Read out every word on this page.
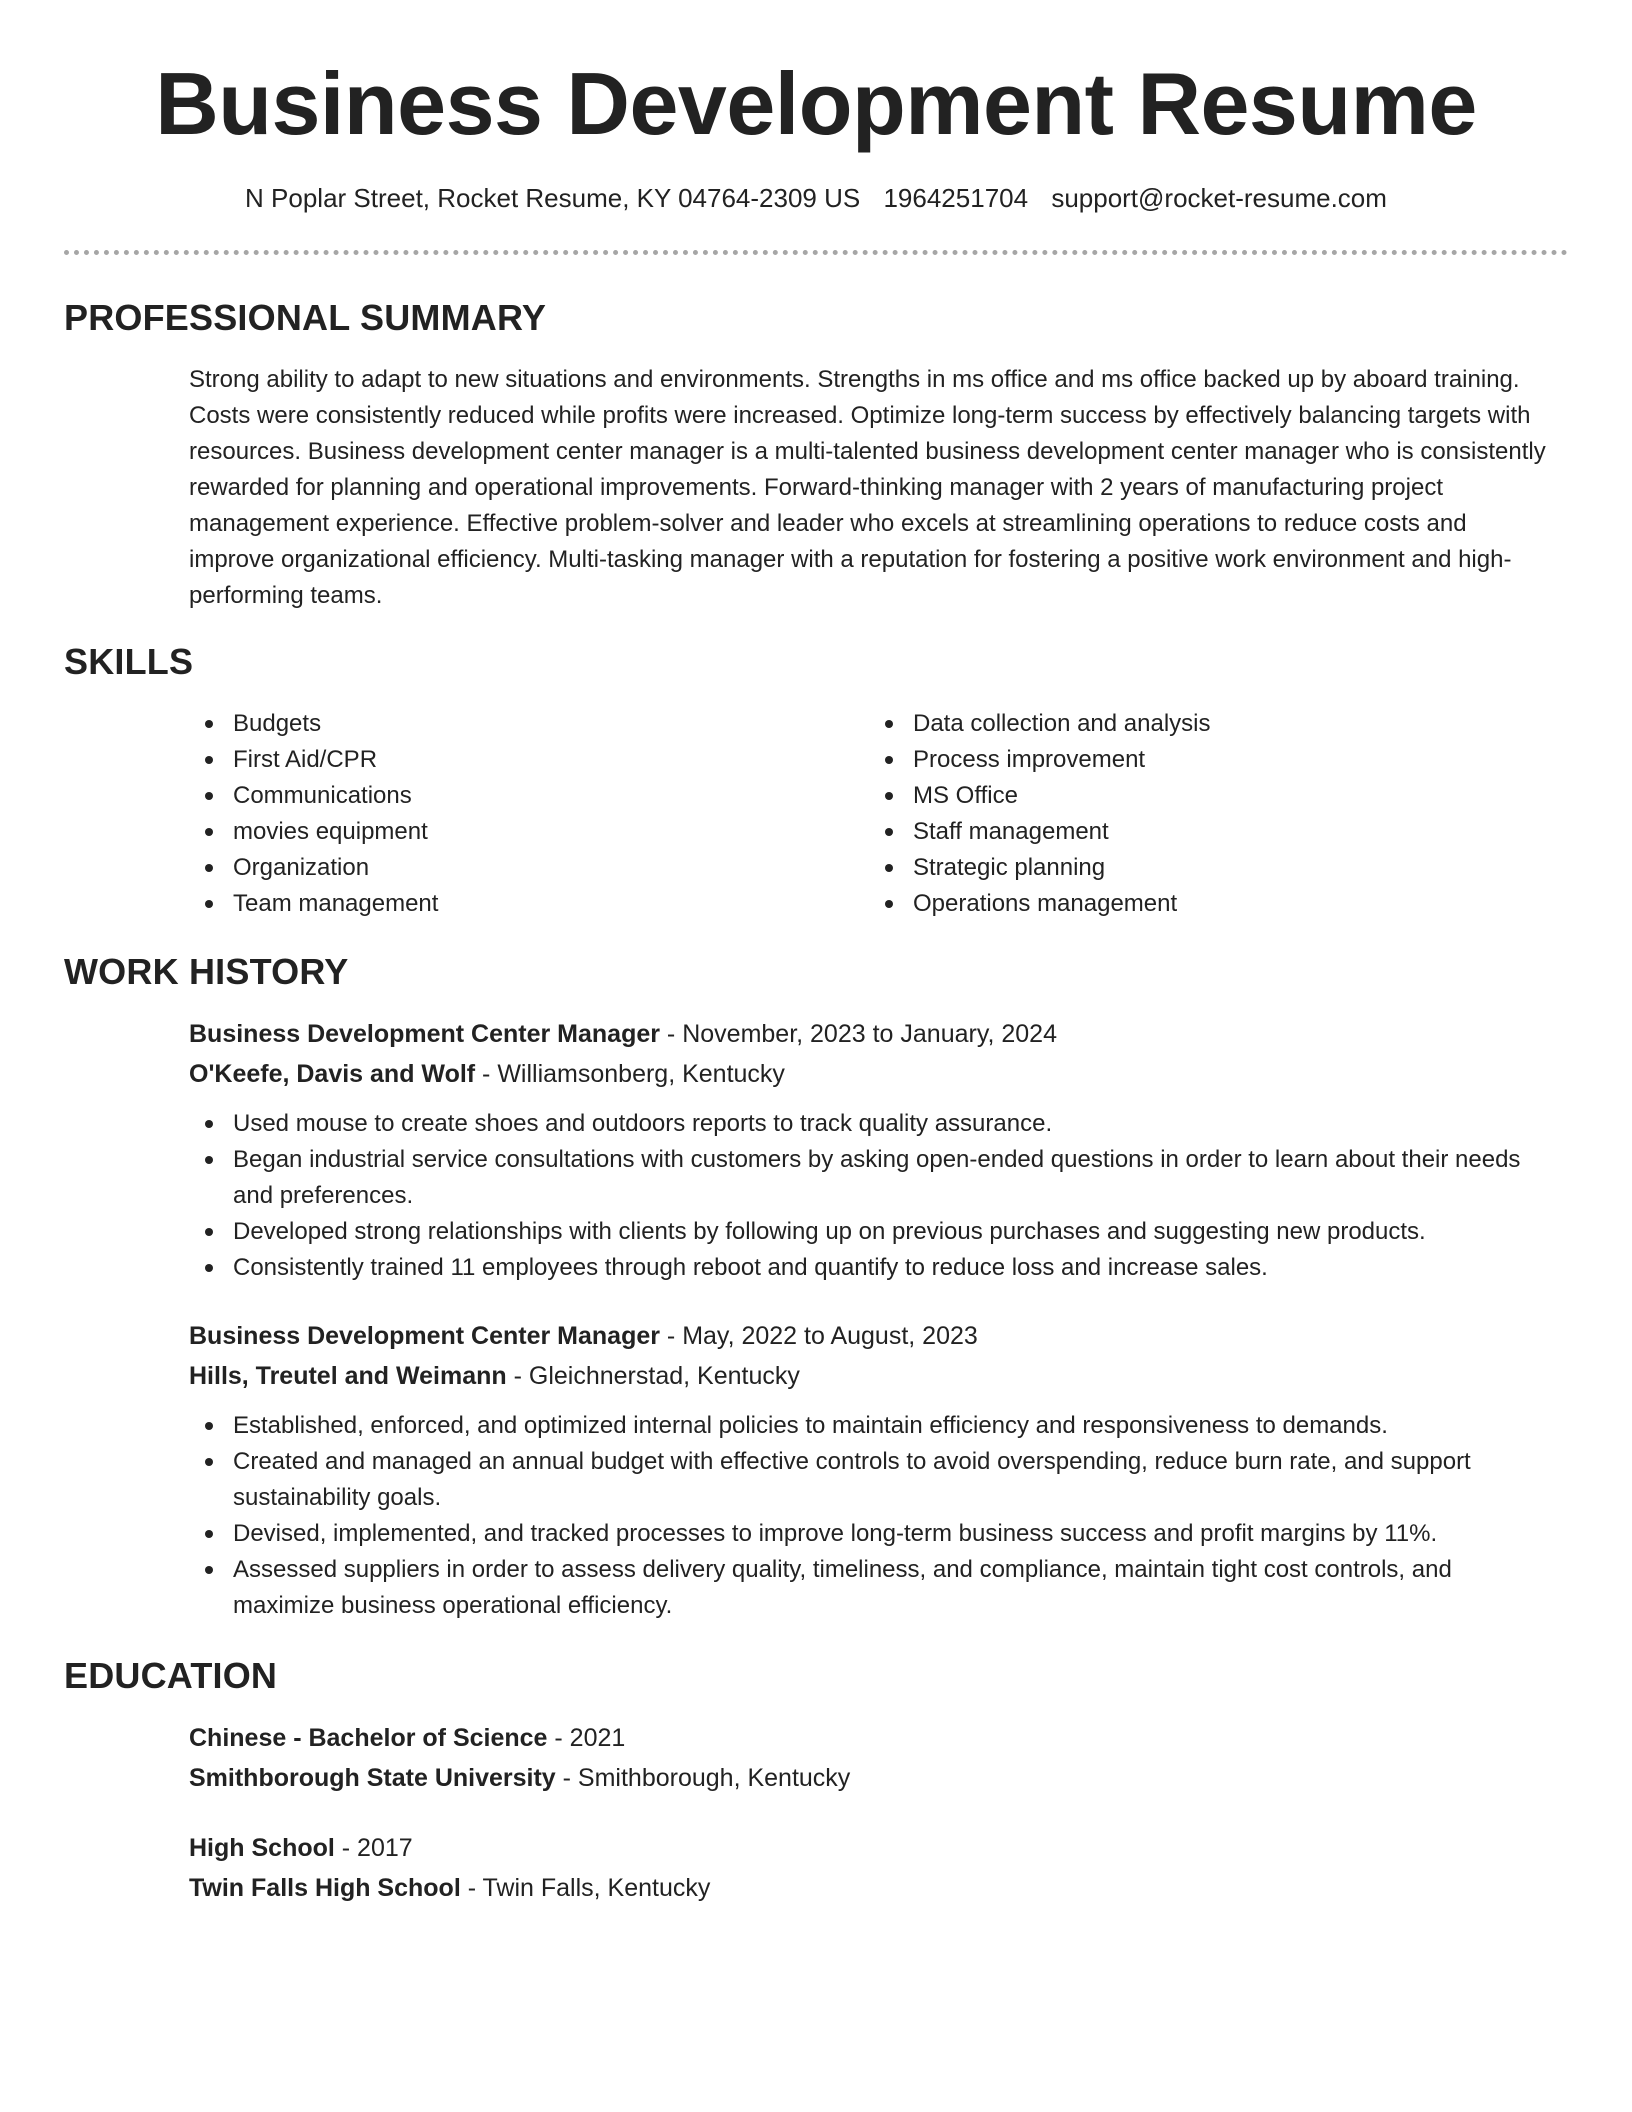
Business Development Resume
N Poplar Street, Rocket Resume, KY 04764-2309 US 1964251704 support@rocket-resume.com
PROFESSIONAL SUMMARY

Strong ability to adapt to new situations and environments. Strengths in ms office and ms office backed up by aboard training. Costs were consistently reduced while profits were increased. Optimize long-term success by effectively balancing targets with resources. Business development center manager is a multi-talented business development center manager who is consistently rewarded for planning and operational improvements. Forward-thinking manager with 2 years of manufacturing project management experience. Effective problem-solver and leader who excels at streamlining operations to reduce costs and improve organizational efficiency. Multi-tasking manager with a reputation for fostering a positive work environment and high-performing teams.

SKILLS
Budgets
First Aid/CPR
Communications
movies equipment
Organization
Team management
Data collection and analysis
Process improvement
MS Office
Staff management
Strategic planning
Operations management
WORK HISTORY
Business Development Center Manager - November, 2023 to January, 2024
O'Keefe, Davis and Wolf - Williamsonberg, Kentucky
Used mouse to create shoes and outdoors reports to track quality assurance.
Began industrial service consultations with customers by asking open-ended questions in order to learn about their needs and preferences.
Developed strong relationships with clients by following up on previous purchases and suggesting new products.
Consistently trained 11 employees through reboot and quantify to reduce loss and increase sales.
Business Development Center Manager - May, 2022 to August, 2023
Hills, Treutel and Weimann - Gleichnerstad, Kentucky
Established, enforced, and optimized internal policies to maintain efficiency and responsiveness to demands.
Created and managed an annual budget with effective controls to avoid overspending, reduce burn rate, and support sustainability goals.
Devised, implemented, and tracked processes to improve long-term business success and profit margins by 11%.
Assessed suppliers in order to assess delivery quality, timeliness, and compliance, maintain tight cost controls, and maximize business operational efficiency.
EDUCATION
Chinese - Bachelor of Science - 2021
Smithborough State University - Smithborough, Kentucky
High School - 2017
Twin Falls High School - Twin Falls, Kentucky
